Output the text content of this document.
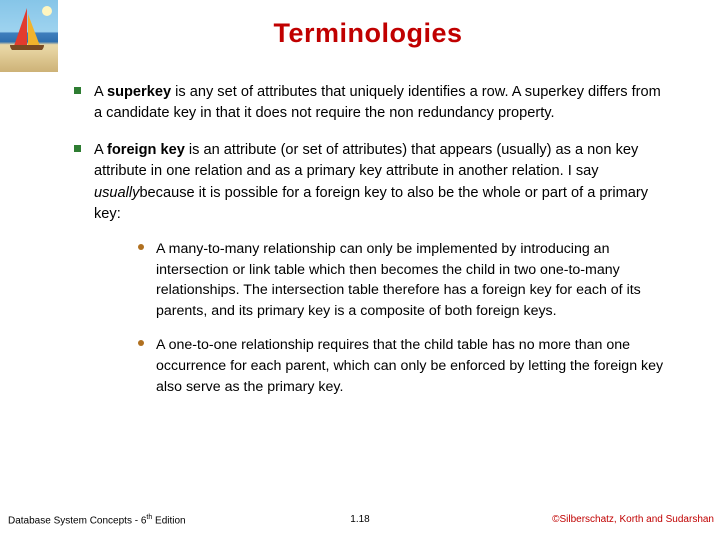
Terminologies
A superkey is any set of attributes that uniquely identifies a row. A superkey differs from a candidate key in that it does not require the non redundancy property.
A foreign key is an attribute (or set of attributes) that appears (usually) as a non key attribute in one relation and as a primary key attribute in another relation. I say usuallybecause it is possible for a foreign key to also be the whole or part of a primary key:
A many-to-many relationship can only be implemented by introducing an intersection or link table which then becomes the child in two one-to-many relationships. The intersection table therefore has a foreign key for each of its parents, and its primary key is a composite of both foreign keys.
A one-to-one relationship requires that the child table has no more than one occurrence for each parent, which can only be enforced by letting the foreign key also serve as the primary key.
Database System Concepts - 6th Edition	1.18	©Silberschatz, Korth and Sudarshan
